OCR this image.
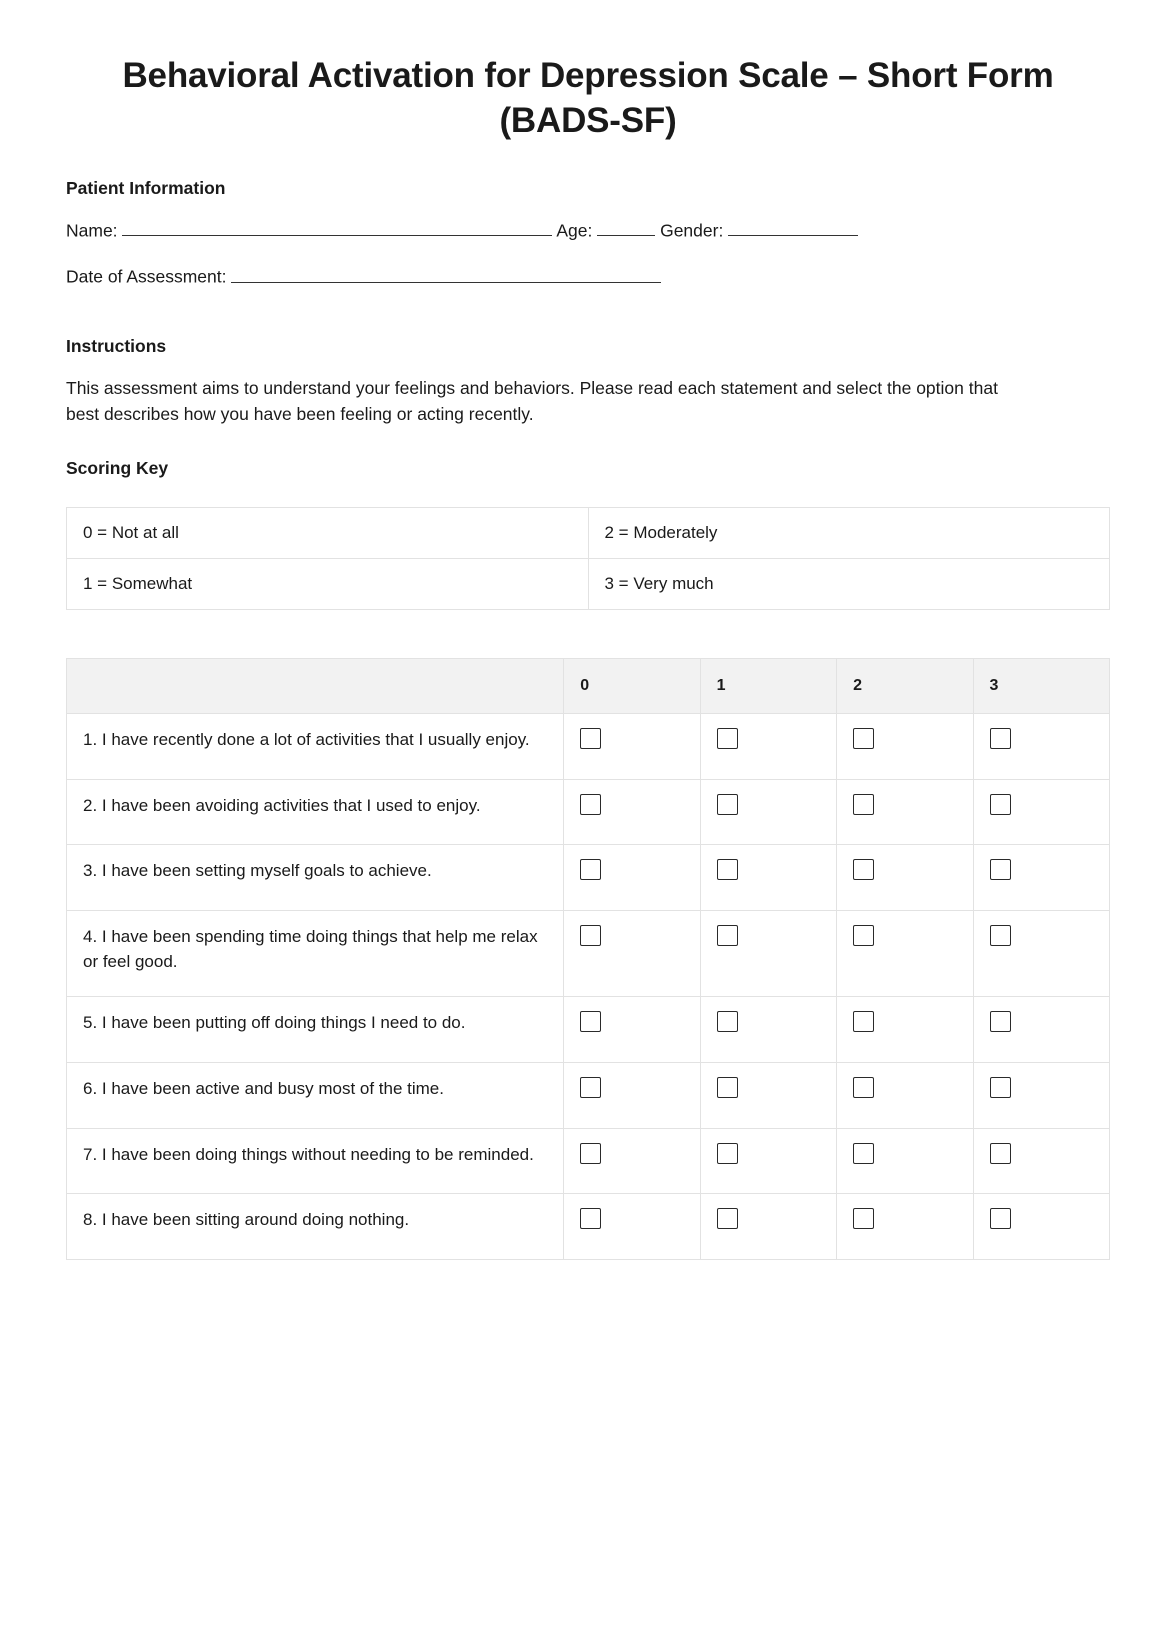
Behavioral Activation for Depression Scale – Short Form (BADS-SF)
Patient Information
Name:	Age:	Gender:
Date of Assessment:
Instructions

This assessment aims to understand your feelings and behaviors. Please read each statement and select the option that best describes how you have been feeling or acting recently.

Scoring Key
0 = Not at all	2 = Moderately
1 = Somewhat	3 = Very much
	0	1	2	3
1. I have recently done a lot of activities that I usually enjoy.				
2. I have been avoiding activities that I used to enjoy.				
3. I have been setting myself goals to achieve.				
4. I have been spending time doing things that help me relax or feel good.				
5. I have been putting off doing things I need to do.				
6. I have been active and busy most of the time.				
7. I have been doing things without needing to be reminded.				
8. I have been sitting around doing nothing.				
